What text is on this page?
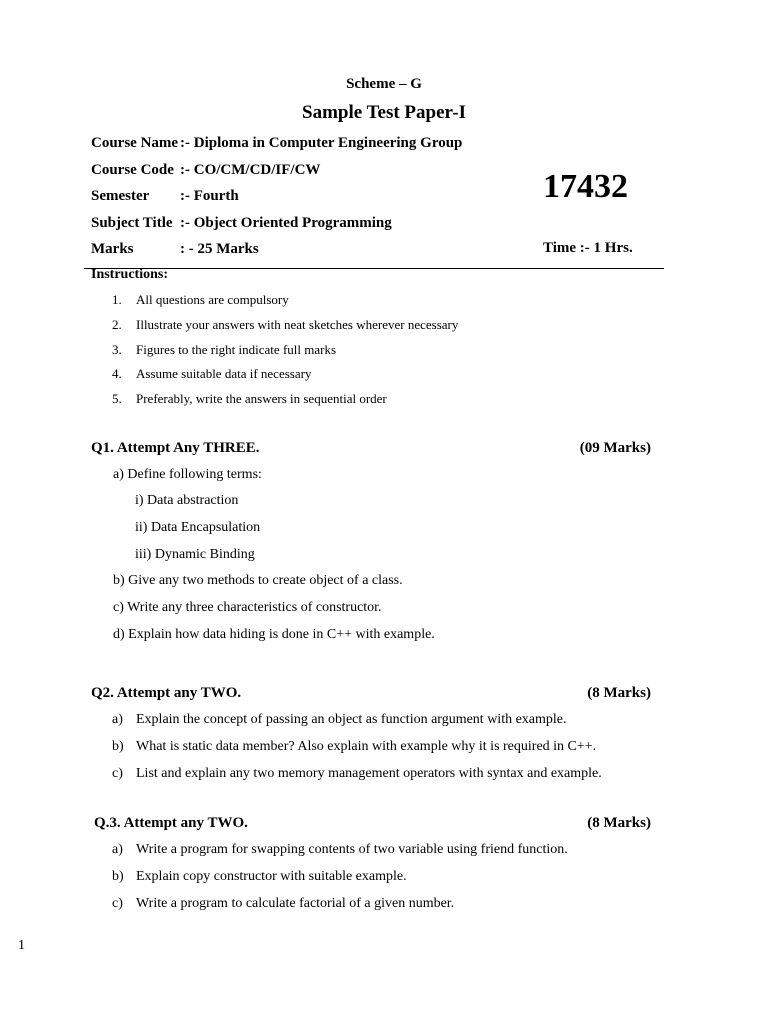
Scheme – G
Sample Test Paper-I
Course Name :- Diploma in Computer Engineering Group
Course Code :- CO/CM/CD/IF/CW
Semester :- Fourth
Subject Title :- Object Oriented Programming
Marks	: - 25 Marks
17432
Time :- 1 Hrs.
Instructions:
1. All questions are compulsory
2. Illustrate your answers with neat sketches wherever necessary
3. Figures to the right indicate full marks
4. Assume suitable data if necessary
5. Preferably, write the answers in sequential order
Q1. Attempt Any THREE.	(09 Marks)
a) Define following terms:
i) Data abstraction
ii) Data Encapsulation
iii) Dynamic Binding
b) Give any two methods to create object of a class.
c) Write any three characteristics of constructor.
d) Explain how data hiding is done in C++ with example.
Q2. Attempt any TWO.	(8 Marks)
a) Explain the concept of passing an object as function argument with example.
b) What is static data member? Also explain with example why it is required in C++.
c) List and explain any two memory management operators with syntax and example.
Q.3. Attempt any TWO.	(8 Marks)
a) Write a program for swapping contents of two variable using friend function.
b) Explain copy constructor with suitable example.
c) Write a program to calculate factorial of a given number.
1
